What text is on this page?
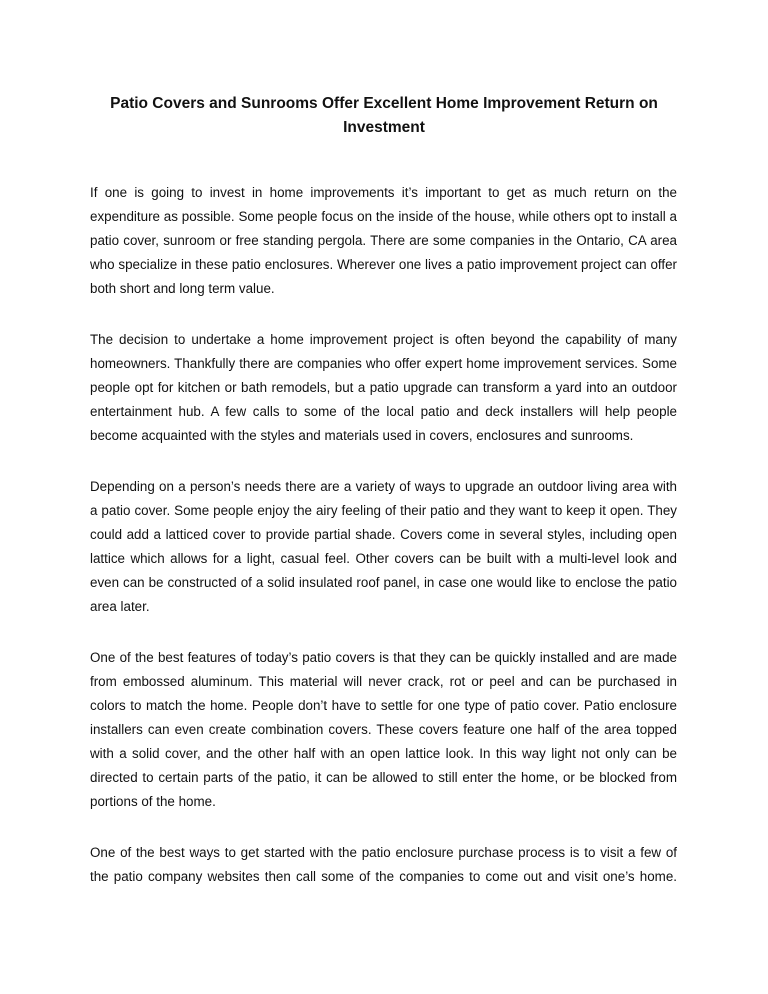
Patio Covers and Sunrooms Offer Excellent Home Improvement Return on Investment

If one is going to invest in home improvements it’s important to get as much return on the expenditure as possible. Some people focus on the inside of the house, while others opt to install a patio cover, sunroom or free standing pergola. There are some companies in the Ontario, CA area who specialize in these patio enclosures. Wherever one lives a patio improvement project can offer both short and long term value.

The decision to undertake a home improvement project is often beyond the capability of many homeowners. Thankfully there are companies who offer expert home improvement services. Some people opt for kitchen or bath remodels, but a patio upgrade can transform a yard into an outdoor entertainment hub. A few calls to some of the local patio and deck installers will help people become acquainted with the styles and materials used in covers, enclosures and sunrooms.

Depending on a person’s needs there are a variety of ways to upgrade an outdoor living area with a patio cover. Some people enjoy the airy feeling of their patio and they want to keep it open. They could add a latticed cover to provide partial shade. Covers come in several styles, including open lattice which allows for a light, casual feel. Other covers can be built with a multi-level look and even can be constructed of a solid insulated roof panel, in case one would like to enclose the patio area later.

One of the best features of today’s patio covers is that they can be quickly installed and are made from embossed aluminum. This material will never crack, rot or peel and can be purchased in colors to match the home. People don’t have to settle for one type of patio cover. Patio enclosure installers can even create combination covers. These covers feature one half of the area topped with a solid cover, and the other half with an open lattice look. In this way light not only can be directed to certain parts of the patio, it can be allowed to still enter the home, or be blocked from portions of the home.

One of the best ways to get started with the patio enclosure purchase process is to visit a few of the patio company websites then call some of the companies to come out and visit one’s home.
